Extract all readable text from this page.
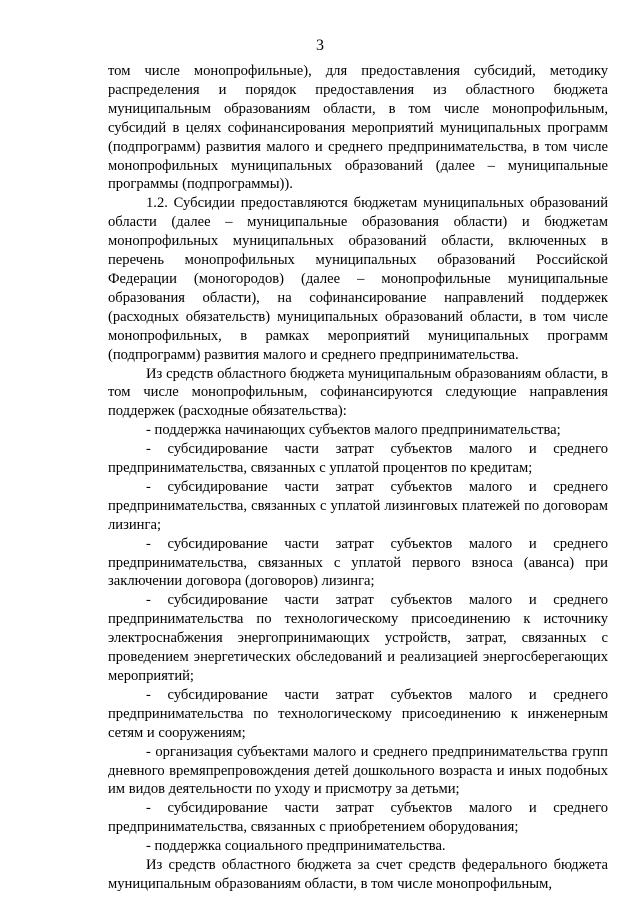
3

том числе монопрофильные), для предоставления субсидий, методику распределения и порядок предоставления из областного бюджета муниципальным образованиям области, в том числе монопрофильным, субсидий в целях софинансирования мероприятий муниципальных программ (подпрограмм) развития малого и среднего предпринимательства, в том числе монопрофильных муниципальных образований (далее – муниципальные программы (подпрограммы)).

1.2. Субсидии предоставляются бюджетам муниципальных образований области (далее – муниципальные образования области) и бюджетам монопрофильных муниципальных образований области, включенных в перечень монопрофильных муниципальных образований Российской Федерации (моногородов) (далее – монопрофильные муниципальные образования области), на софинансирование направлений поддержек (расходных обязательств) муниципальных образований области, в том числе монопрофильных, в рамках мероприятий муниципальных программ (подпрограмм) развития малого и среднего предпринимательства.

Из средств областного бюджета муниципальным образованиям области, в том числе монопрофильным, софинансируются следующие направления поддержек (расходные обязательства):

- поддержка начинающих субъектов малого предпринимательства;

- субсидирование части затрат субъектов малого и среднего предпринимательства, связанных с уплатой процентов по кредитам;

- субсидирование части затрат субъектов малого и среднего предпринимательства, связанных с уплатой лизинговых платежей по договорам лизинга;

- субсидирование части затрат субъектов малого и среднего предпринимательства, связанных с уплатой первого взноса (аванса) при заключении договора (договоров) лизинга;

- субсидирование части затрат субъектов малого и среднего предпринимательства по технологическому присоединению к источнику электроснабжения энергопринимающих устройств, затрат, связанных с проведением энергетических обследований и реализацией энергосберегающих мероприятий;

- субсидирование части затрат субъектов малого и среднего предпринимательства по технологическому присоединению к инженерным сетям и сооружениям;

- организация субъектами малого и среднего предпринимательства групп дневного времяпрепровождения детей дошкольного возраста и иных подобных им видов деятельности по уходу и присмотру за детьми;

- субсидирование части затрат субъектов малого и среднего предпринимательства, связанных с приобретением оборудования;

- поддержка социального предпринимательства.

Из средств областного бюджета за счет средств федерального бюджета муниципальным образованиям области, в том числе монопрофильным,
